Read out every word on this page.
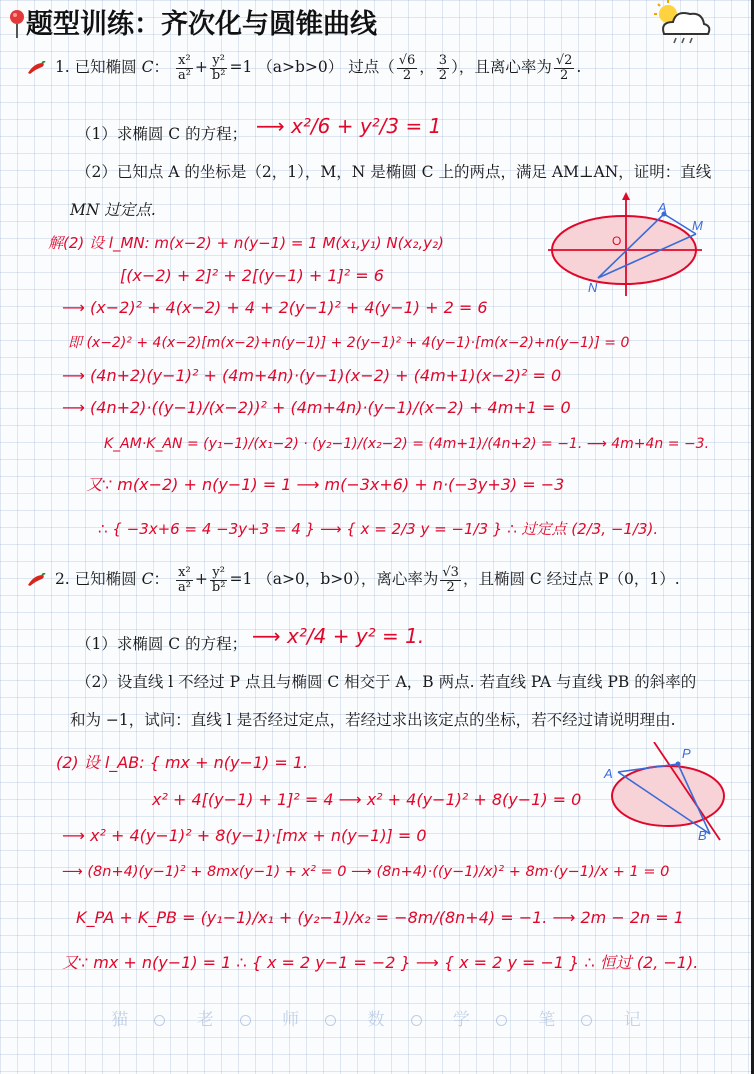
题型训练：齐次化与圆锥曲线
1. 已知椭圆 C： $\frac{\text{x²}}{\text{a²}} + \frac{\text{y²}}{\text{b²}} =1$ （a>b>0） 过点（ $\frac{√6}{2}$ ， $\frac{3}{2}$ ），且离心率为 $\frac{√2}{2}$ .
（1）求椭圆 C 的方程； ⟶ x²/6 + y²/3 = 1
（2）已知点 A 的坐标是（2，1），M，N 是椭圆 C 上的两点，满足 AM⊥AN，证明：直线
MN 过定点.	A
O
M
N
解(2) 设 l_MN: m(x−2) + n(y−1) = 1 M(x₁,y₁) N(x₂,y₂)
[(x−2) + 2]² + 2[(y−1) + 1]² = 6
⟶ (x−2)² + 4(x−2) + 4 + 2(y−1)² + 4(y−1) + 2 = 6
即 (x−2)² + 4(x−2)[m(x−2)+n(y−1)] + 2(y−1)² + 4(y−1)·[m(x−2)+n(y−1)] = 0
⟶ (4n+2)(y−1)² + (4m+4n)·(y−1)(x−2) + (4m+1)(x−2)² = 0
⟶ (4n+2)·((y−1)/(x−2))² + (4m+4n)·(y−1)/(x−2) + 4m+1 = 0
K_AM·K_AN = (y₁−1)/(x₁−2) · (y₂−1)/(x₂−2) = (4m+1)/(4n+2) = −1. ⟶ 4m+4n = −3.
又∵ m(x−2) + n(y−1) = 1 ⟶ m(−3x+6) + n·(−3y+3) = −3
∴ { −3x+6 = 4 −3y+3 = 4 } ⟶ { x = 2/3 y = −1/3 } ∴ 过定点 (2/3, −1/3).
2. 已知椭圆 C： $\frac{\text{x²}}{\text{a²}} + \frac{\text{y²}}{\text{b²}} =1$ （a>0，b>0），离心率为 $\frac{√3}{2}$ ，且椭圆 C 经过点 P（0，1）.
（1）求椭圆 C 的方程； ⟶ x²/4 + y² = 1.
（2）设直线 l 不经过 P 点且与椭圆 C 相交于 A，B 两点. 若直线 PA 与直线 PB 的斜率的
和为 −1，试问：直线 l 是否经过定点，若经过求出该定点的坐标，若不经过请说明理由.
A
P
B
(2) 设 l_AB: { mx + n(y−1) = 1.
x² + 4[(y−1) + 1]² = 4 ⟶ x² + 4(y−1)² + 8(y−1) = 0
⟶ x² + 4(y−1)² + 8(y−1)·[mx + n(y−1)] = 0
⟶ (8n+4)(y−1)² + 8mx(y−1) + x² = 0 ⟶ (8n+4)·((y−1)/x)² + 8m·(y−1)/x + 1 = 0
K_PA + K_PB = (y₁−1)/x₁ + (y₂−1)/x₂ = −8m/(8n+4) = −1. ⟶ 2m − 2n = 1
又∵ mx + n(y−1) = 1 ∴ { x = 2 y−1 = −2 } ⟶ { x = 2 y = −1 } ∴ 恒过 (2, −1).
猫	老	师	数	学	笔	记
